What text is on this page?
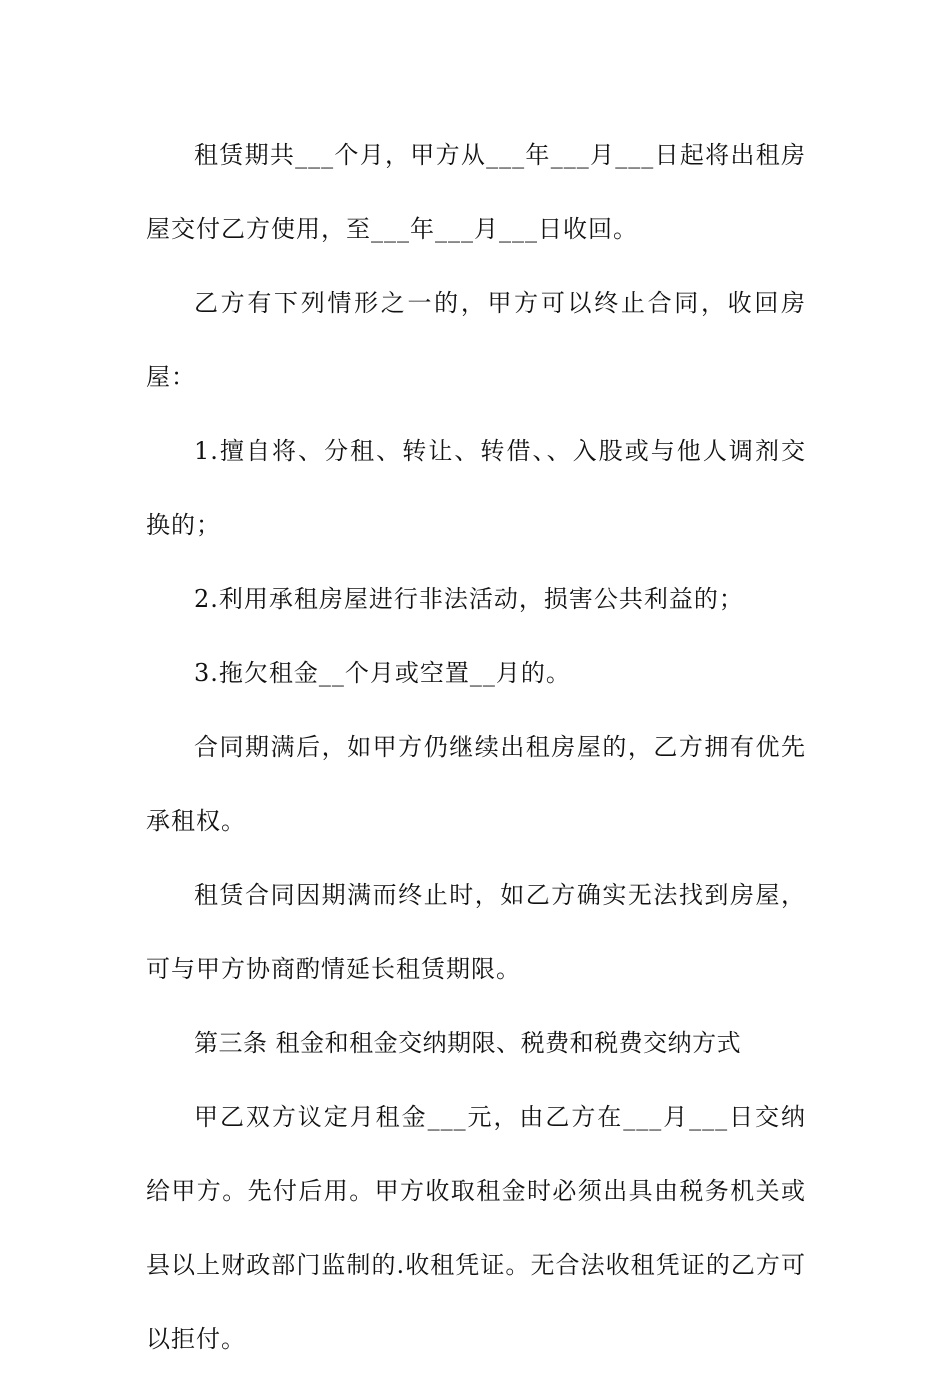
租赁期共___个月，甲方从___年___月___日起将出租房屋交付乙方使用，至___年___月___日收回。

乙方有下列情形之一的，甲方可以终止合同，收回房屋：

1.擅自将、分租、转让、转借、、入股或与他人调剂交换的；

2.利用承租房屋进行非法活动，损害公共利益的；

3.拖欠租金__个月或空置__月的。

合同期满后，如甲方仍继续出租房屋的，乙方拥有优先承租权。

租赁合同因期满而终止时，如乙方确实无法找到房屋，可与甲方协商酌情延长租赁期限。

第三条 租金和租金交纳期限、税费和税费交纳方式

甲乙双方议定月租金___元，由乙方在___月___日交纳给甲方。先付后用。甲方收取租金时必须出具由税务机关或县以上财政部门监制的.收租凭证。无合法收租凭证的乙方可以拒付。
